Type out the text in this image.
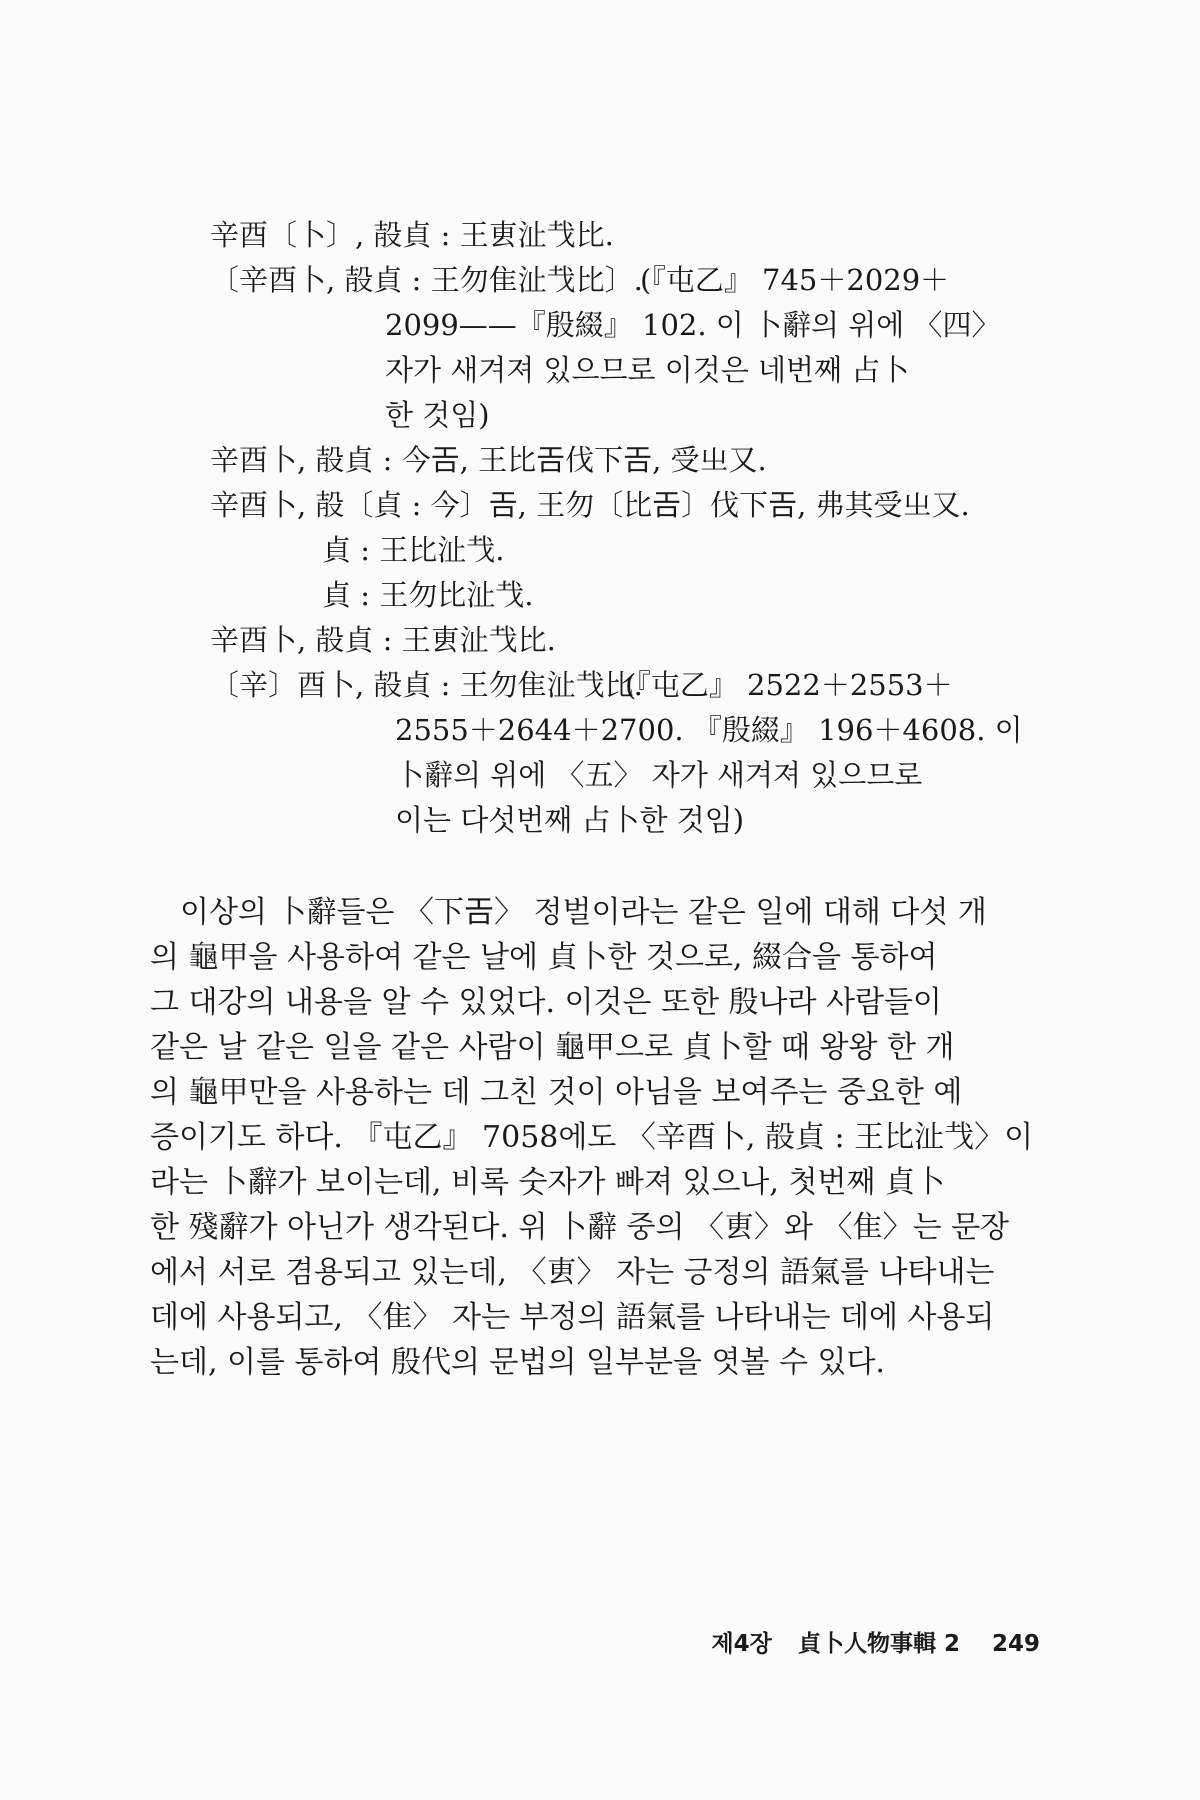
辛酉〔卜〕, 㱿貞 : 王叀沚𢦏比.
〔辛酉卜, 㱿貞 : 王勿隹沚𢦏比〕.
(『屯乙』 745＋2029＋
2099——『殷綴』 102. 이 卜辭의 위에 〈四〉
자가 새겨져 있으므로 이것은 네번째 占卜
한 것임)
辛酉卜, 㱿貞 : 今𢀛, 王比𢀛伐下𢀛, 受㞢又.
辛酉卜, 㱿〔貞 : 今〕𢀛, 王勿〔比𢀛〕伐下𢀛, 弗其受㞢又.
貞 : 王比沚𢦏.
貞 : 王勿比沚𢦏.
辛酉卜, 㱿貞 : 王叀沚𢦏比.
〔辛〕酉卜, 㱿貞 : 王勿隹沚𢦏比.
(『屯乙』 2522＋2553＋
2555＋2644＋2700. 『殷綴』 196＋4608. 이
卜辭의 위에 〈五〉 자가 새겨져 있으므로
이는 다섯번째 占卜한 것임)
이상의 卜辭들은 〈下𢀛〉 정벌이라는 같은 일에 대해 다섯 개
의 龜甲을 사용하여 같은 날에 貞卜한 것으로, 綴合을 통하여
그 대강의 내용을 알 수 있었다. 이것은 또한 殷나라 사람들이
같은 날 같은 일을 같은 사람이 龜甲으로 貞卜할 때 왕왕 한 개
의 龜甲만을 사용하는 데 그친 것이 아님을 보여주는 중요한 예
증이기도 하다. 『屯乙』 7058에도 〈辛酉卜, 㱿貞 : 王比沚𢦏〉이
라는 卜辭가 보이는데, 비록 숫자가 빠져 있으나, 첫번째 貞卜
한 殘辭가 아닌가 생각된다. 위 卜辭 중의 〈叀〉와 〈隹〉는 문장
에서 서로 겸용되고 있는데, 〈叀〉 자는 긍정의 語氣를 나타내는
데에 사용되고, 〈隹〉 자는 부정의 語氣를 나타내는 데에 사용되
는데, 이를 통하여 殷代의 문법의 일부분을 엿볼 수 있다.
제4장 貞卜人物事輯 2 249
